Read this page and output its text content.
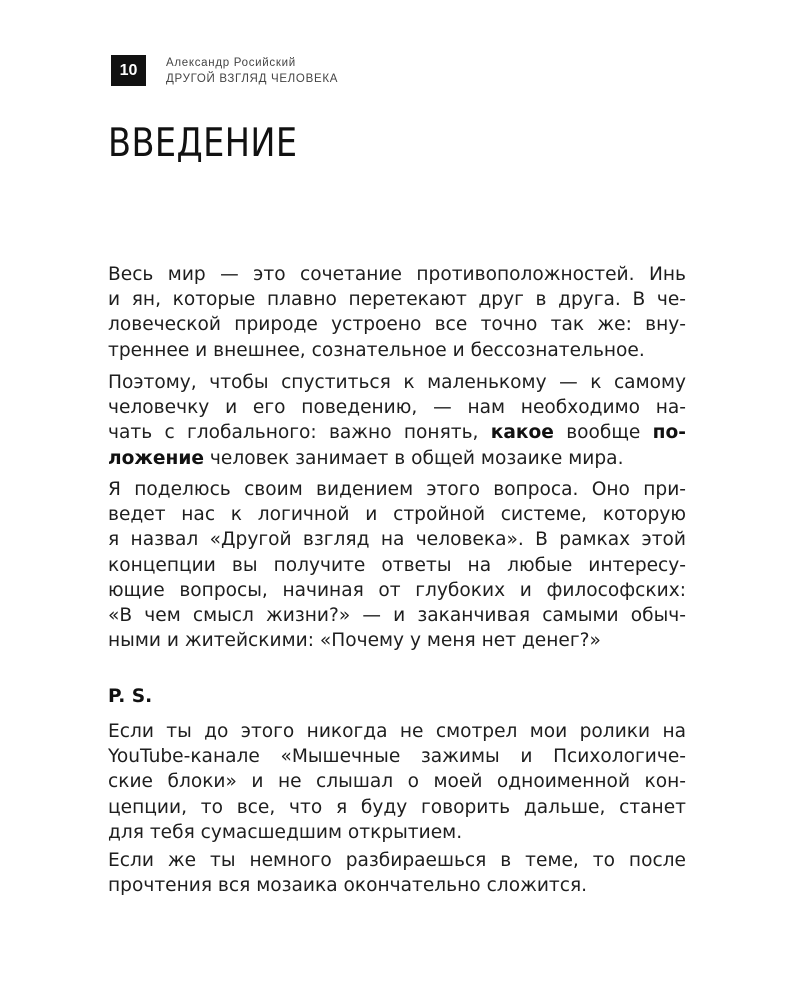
10	Александр Росийский
ДРУГОЙ ВЗГЛЯД ЧЕЛОВЕКА
ВВЕДЕНИЕ

Весь мир — это сочетание противоположностей. Инь
и ян, которые плавно перетекают друг в друга. В че-
ловеческой природе устроено все точно так же: вну-
треннее и внешнее, сознательное и бессознательное.

Поэтому, чтобы спуститься к маленькому — к самому
человечку и его поведению, — нам необходимо на-
чать с глобального: важно понять, какое вообще по-
ложение человек занимает в общей мозаике мира.

Я поделюсь своим видением этого вопроса. Оно при-
ведет нас к логичной и стройной системе, которую
я назвал «Другой взгляд на человека». В рамках этой
концепции вы получите ответы на любые интересу-
ющие вопросы, начиная от глубоких и философских:
«В чем смысл жизни?» — и заканчивая самыми обыч-
ными и житейскими: «Почему у меня нет денег?»

P. S.

Если ты до этого никогда не смотрел мои ролики на
YouTube-канале «Мышечные зажимы и Психологиче-
ские блоки» и не слышал о моей одноименной кон-
цепции, то все, что я буду говорить дальше, станет
для тебя сумасшедшим открытием.

Если же ты немного разбираешься в теме, то после
прочтения вся мозаика окончательно сложится.
